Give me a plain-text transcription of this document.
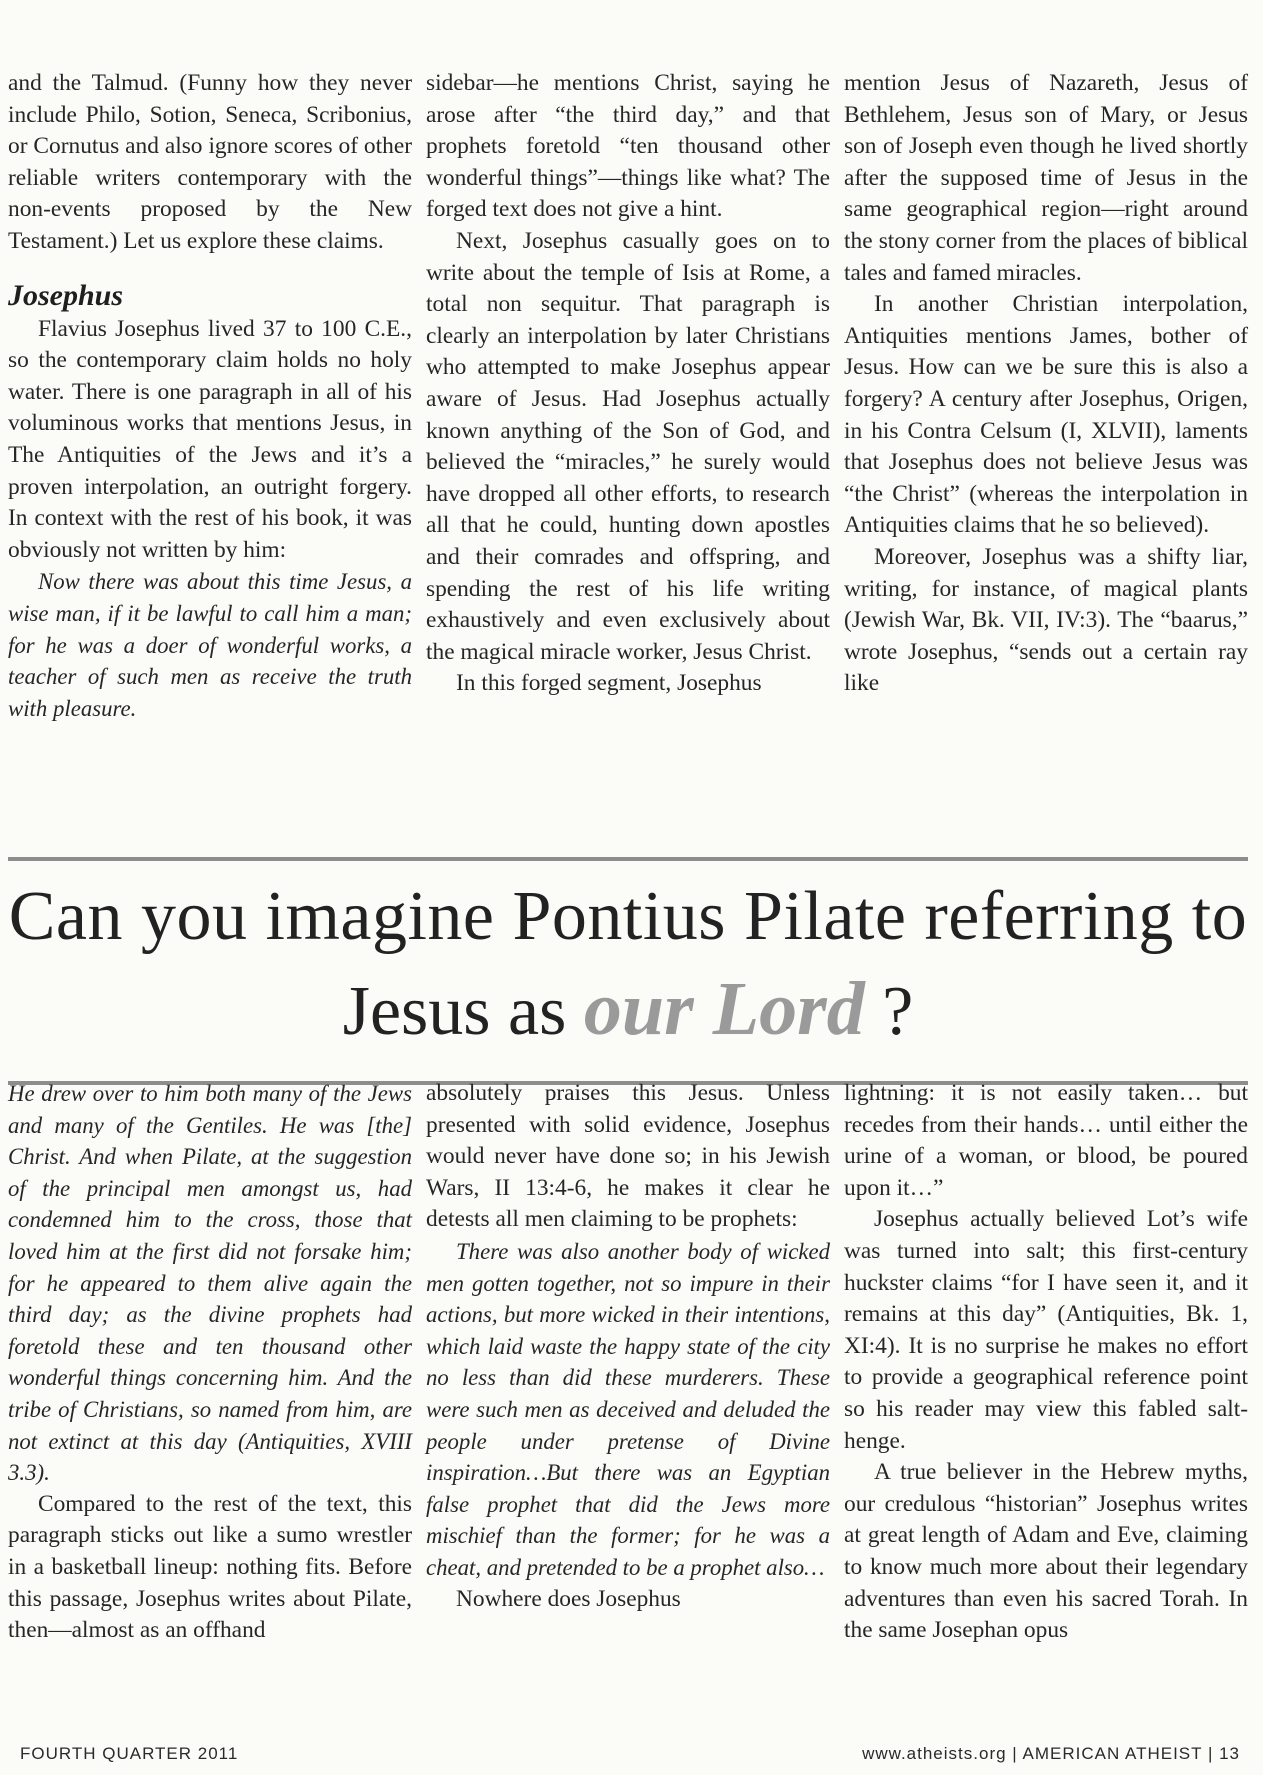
and the Talmud. (Funny how they never include Philo, Sotion, Seneca, Scribonius, or Cornutus and also ignore scores of other reliable writers contemporary with the non-events proposed by the New Testament.) Let us explore these claims.

Josephus

Flavius Josephus lived 37 to 100 C.E., so the contemporary claim holds no holy water. There is one paragraph in all of his voluminous works that mentions Jesus, in The Antiquities of the Jews and it’s a proven interpolation, an outright forgery. In context with the rest of his book, it was obviously not written by him:

Now there was about this time Jesus, a wise man, if it be lawful to call him a man; for he was a doer of wonderful works, a teacher of such men as receive the truth with pleasure.

sidebar—he mentions Christ, saying he arose after “the third day,” and that prophets foretold “ten thousand other wonderful things”—things like what? The forged text does not give a hint.

Next, Josephus casually goes on to write about the temple of Isis at Rome, a total non sequitur. That paragraph is clearly an interpolation by later Christians who attempted to make Josephus appear aware of Jesus. Had Josephus actually known anything of the Son of God, and believed the “miracles,” he surely would have dropped all other efforts, to research all that he could, hunting down apostles and their comrades and offspring, and spending the rest of his life writing exhaustively and even exclusively about the magical miracle worker, Jesus Christ.

In this forged segment, Josephus

mention Jesus of Nazareth, Jesus of Bethlehem, Jesus son of Mary, or Jesus son of Joseph even though he lived shortly after the supposed time of Jesus in the same geographical region—right around the stony corner from the places of biblical tales and famed miracles.

In another Christian interpolation, Antiquities mentions James, bother of Jesus. How can we be sure this is also a forgery? A century after Josephus, Origen, in his Contra Celsum (I, XLVII), laments that Josephus does not believe Jesus was “the Christ” (whereas the interpolation in Antiquities claims that he so believed).

Moreover, Josephus was a shifty liar, writing, for instance, of magical plants (Jewish War, Bk. VII, IV:3). The “baarus,” wrote Josephus, “sends out a certain ray like

Can you imagine Pontius Pilate referring to
Jesus as our Lord ?

He drew over to him both many of the Jews and many of the Gentiles. He was [the] Christ. And when Pilate, at the suggestion of the principal men amongst us, had condemned him to the cross, those that loved him at the first did not forsake him; for he appeared to them alive again the third day; as the divine prophets had foretold these and ten thousand other wonderful things concerning him. And the tribe of Christians, so named from him, are not extinct at this day (Antiquities, XVIII 3.3).

Compared to the rest of the text, this paragraph sticks out like a sumo wrestler in a basketball lineup: nothing fits. Before this passage, Josephus writes about Pilate, then—almost as an offhand

absolutely praises this Jesus. Unless presented with solid evidence, Josephus would never have done so; in his Jewish Wars, II 13:4-6, he makes it clear he detests all men claiming to be prophets:

There was also another body of wicked men gotten together, not so impure in their actions, but more wicked in their intentions, which laid waste the happy state of the city no less than did these murderers. These were such men as deceived and deluded the people under pretense of Divine inspiration…But there was an Egyptian false prophet that did the Jews more mischief than the former; for he was a cheat, and pretended to be a prophet also…

Nowhere does Josephus

lightning: it is not easily taken… but recedes from their hands… until either the urine of a woman, or blood, be poured upon it…”

Josephus actually believed Lot’s wife was turned into salt; this first-century huckster claims “for I have seen it, and it remains at this day” (Antiquities, Bk. 1, XI:4). It is no surprise he makes no effort to provide a geographical reference point so his reader may view this fabled salt-henge.

A true believer in the Hebrew myths, our credulous “historian” Josephus writes at great length of Adam and Eve, claiming to know much more about their legendary adventures than even his sacred Torah. In the same Josephan opus

FOURTH QUARTER 2011	www.atheists.org | AMERICAN ATHEIST | 13
